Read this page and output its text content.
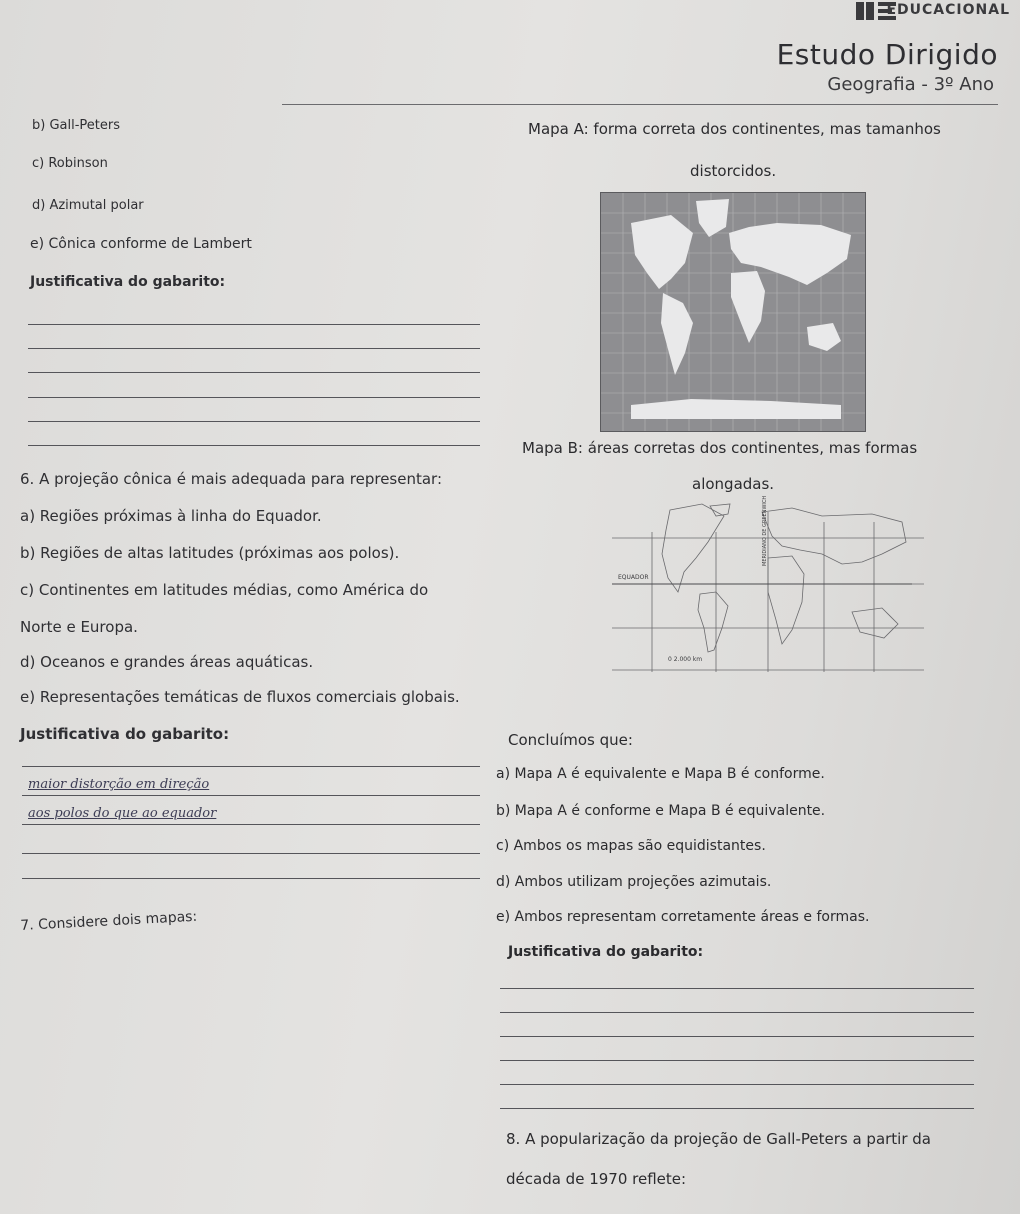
EDUCACIONAL
Estudo Dirigido
Geografia - 3º Ano
b) Gall-Peters
c) Robinson
d) Azimutal polar
e) Cônica conforme de Lambert
Justificativa do gabarito:
6. A projeção cônica é mais adequada para representar:
a) Regiões próximas à linha do Equador.
b) Regiões de altas latitudes (próximas aos polos).
c) Continentes em latitudes médias, como América do
Norte e Europa.
d) Oceanos e grandes áreas aquáticas.
e) Representações temáticas de fluxos comerciais globais.
Justificativa do gabarito:
maior distorção em direção
aos polos do que ao equador
7. Considere dois mapas:
Mapa A: forma correta dos continentes, mas tamanhos
distorcidos.
Mapa B: áreas corretas dos continentes, mas formas
alongadas.
EQUADOR
0 2.000 km
MERIDIANO DE GREENWICH
Concluímos que:
a) Mapa A é equivalente e Mapa B é conforme.
b) Mapa A é conforme e Mapa B é equivalente.
c) Ambos os mapas são equidistantes.
d) Ambos utilizam projeções azimutais.
e) Ambos representam corretamente áreas e formas.
Justificativa do gabarito:
8. A popularização da projeção de Gall-Peters a partir da
década de 1970 reflete:
